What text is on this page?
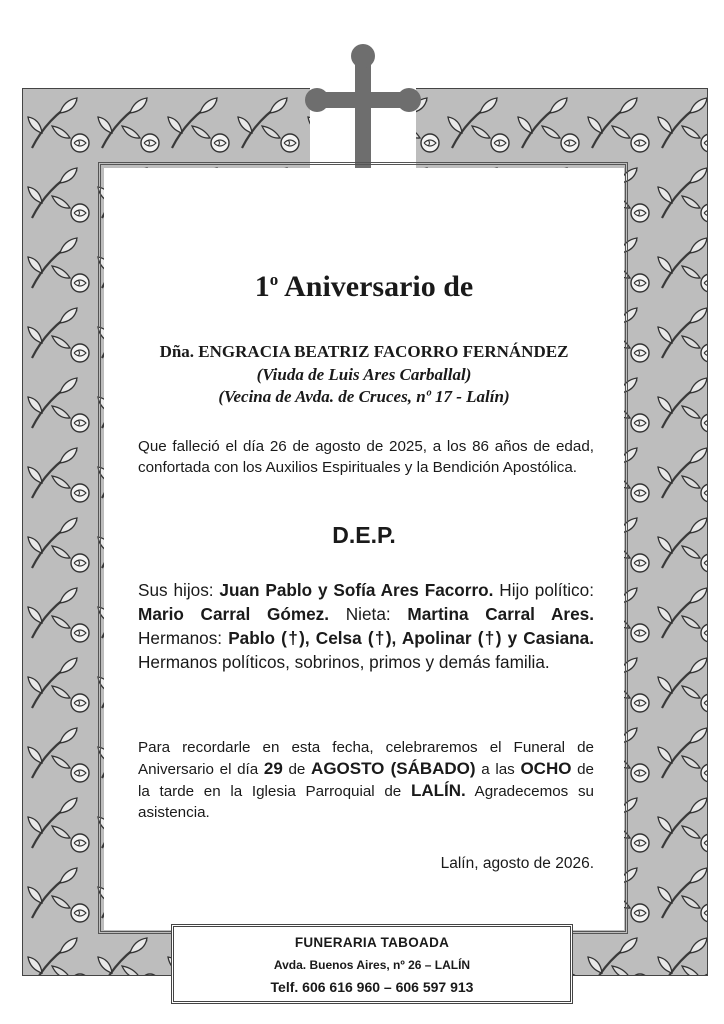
1$^o$ Aniversario de
Dña. ENGRACIA BEATRIZ FACORRO FERNÁNDEZ
(Viuda de Luis Ares Carballal)
(Vecina de Avda. de Cruces, nº 17 - Lalín)
Que falleció el día 26 de agosto de 2025, a los 86 años de edad, confortada con los Auxilios Espirituales y la Bendición Apostólica.
D.E.P.
Sus hijos: Juan Pablo y Sofía Ares Facorro. Hijo político: Mario Carral Gómez. Nieta: Martina Carral Ares. Hermanos: Pablo (†), Celsa (†), Apolinar (†) y Casiana. Hermanos políticos, sobrinos, primos y demás familia.
Para recordarle en esta fecha, celebraremos el Funeral de Aniversario el día 29 de AGOSTO (SÁBADO) a las OCHO de la tarde en la Iglesia Parroquial de LALÍN. Agradecemos su asistencia.
Lalín, agosto de 2026.
FUNERARIA TABOADA
Avda. Buenos Aires, nº 26 – LALÍN
Telf. 606 616 960 – 606 597 913
